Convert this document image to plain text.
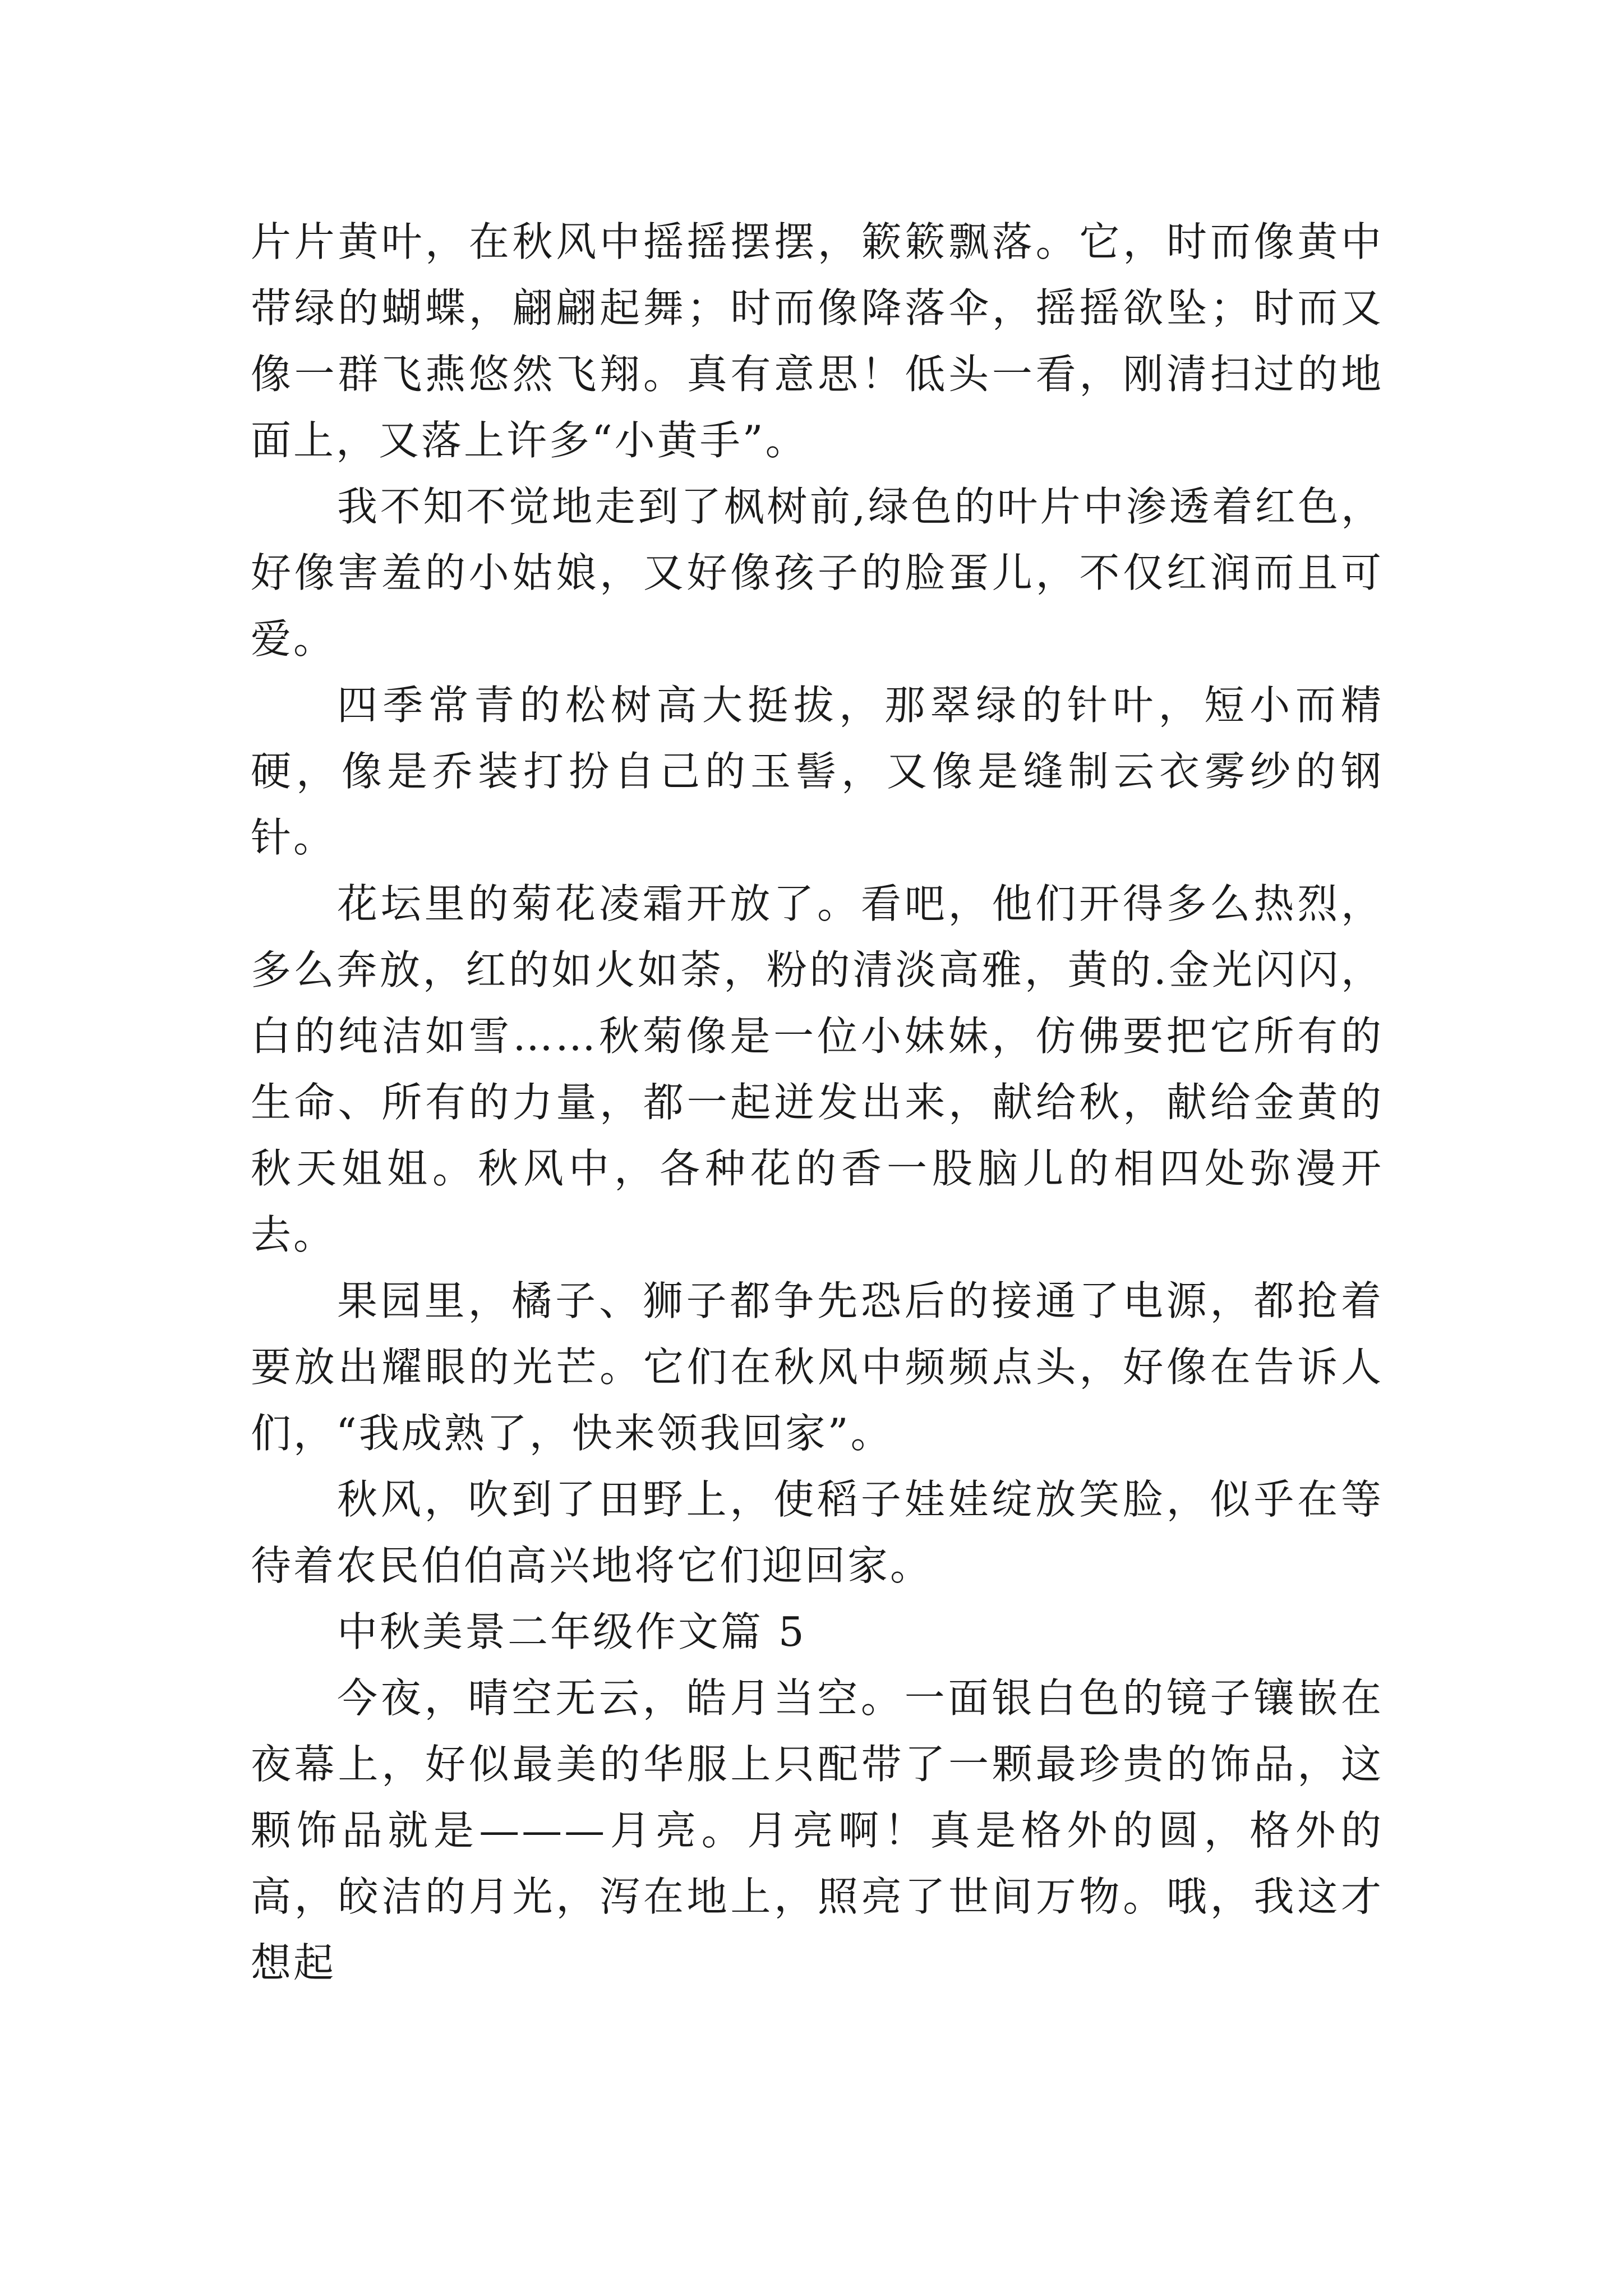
片片黄叶，在秋风中摇摇摆摆，簌簌飘落。它，时而像黄中带绿的蝴蝶，翩翩起舞；时而像降落伞，摇摇欲坠；时而又像一群飞燕悠然飞翔。真有意思！低头一看，刚清扫过的地面上，又落上许多“小黄手”。

我不知不觉地走到了枫树前,绿色的叶片中渗透着红色，好像害羞的小姑娘，又好像孩子的脸蛋儿，不仅红润而且可爱。

四季常青的松树高大挺拔，那翠绿的针叶，短小而精硬，像是乔装打扮自己的玉髻，又像是缝制云衣雾纱的钢针。

花坛里的菊花凌霜开放了。看吧，他们开得多么热烈，多么奔放，红的如火如荼，粉的清淡高雅，黄的.金光闪闪，白的纯洁如雪……秋菊像是一位小妹妹，仿佛要把它所有的生命、所有的力量，都一起迸发出来，献给秋，献给金黄的秋天姐姐。秋风中，各种花的香一股脑儿的相四处弥漫开去。

果园里，橘子、狮子都争先恐后的接通了电源，都抢着要放出耀眼的光芒。它们在秋风中频频点头，好像在告诉人们，“我成熟了，快来领我回家”。

秋风，吹到了田野上，使稻子娃娃绽放笑脸，似乎在等待着农民伯伯高兴地将它们迎回家。

中秋美景二年级作文篇 5

今夜，晴空无云，皓月当空。一面银白色的镜子镶嵌在夜幕上，好似最美的华服上只配带了一颗最珍贵的饰品，这颗饰品就是———月亮。月亮啊！真是格外的圆，格外的高，皎洁的月光，泻在地上，照亮了世间万物。哦，我这才想起
